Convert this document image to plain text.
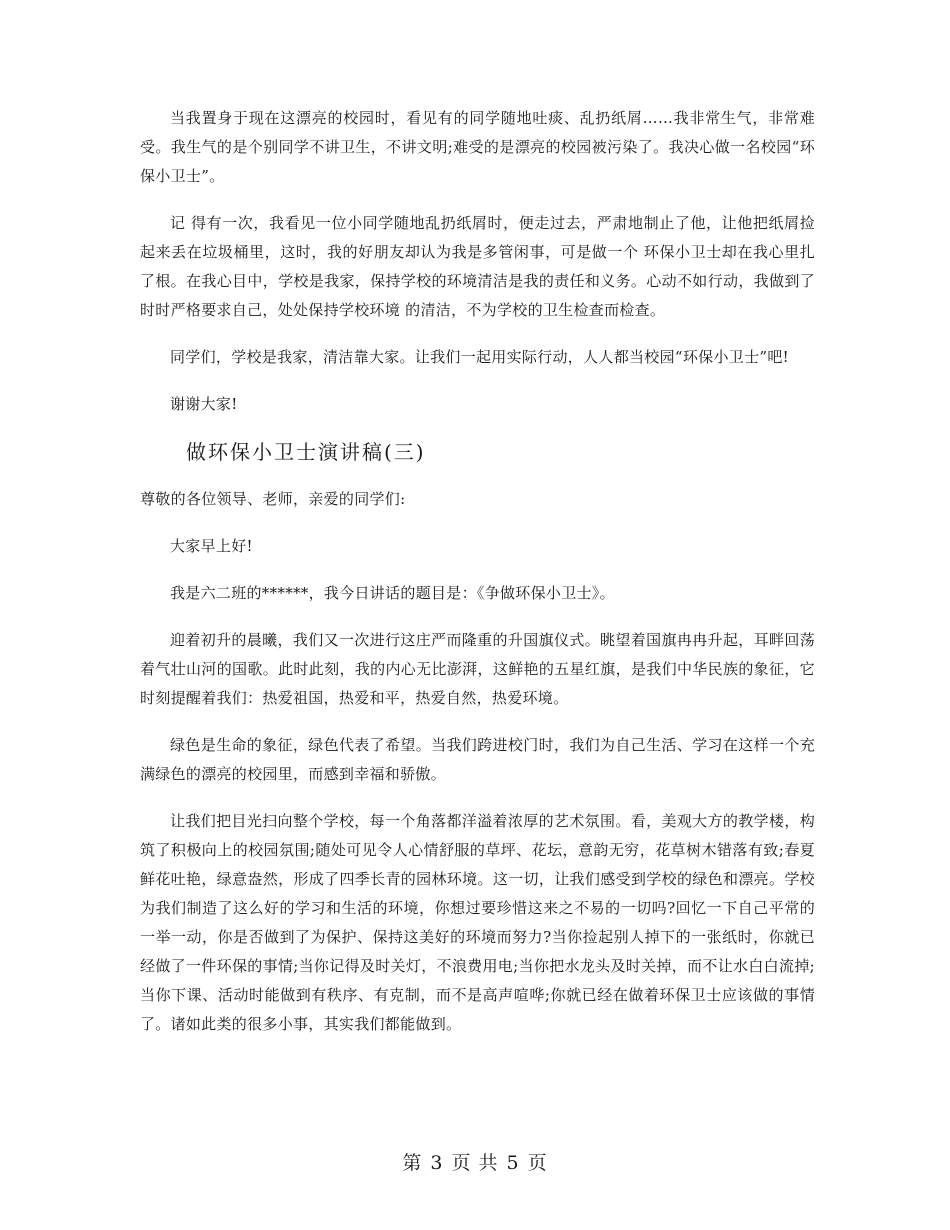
当我置身于现在这漂亮的校园时，看见有的同学随地吐痰、乱扔纸屑……我非常生气，非常难受。我生气的是个别同学不讲卫生，不讲文明;难受的是漂亮的校园被污染了。我决心做一名校园“环保小卫士”。

记 得有一次，我看见一位小同学随地乱扔纸屑时，便走过去，严肃地制止了他，让他把纸屑捡起来丢在垃圾桶里，这时，我的好朋友却认为我是多管闲事，可是做一个 环保小卫士却在我心里扎了根。在我心目中，学校是我家，保持学校的环境清洁是我的责任和义务。心动不如行动，我做到了时时严格要求自己，处处保持学校环境 的清洁，不为学校的卫生检查而检查。

同学们，学校是我家，清洁靠大家。让我们一起用实际行动，人人都当校园“环保小卫士”吧!

谢谢大家!

做环保小卫士演讲稿(三)

尊敬的各位领导、老师，亲爱的同学们:

大家早上好!

我是六二班的******，我今日讲话的题目是：《争做环保小卫士》。

迎着初升的晨曦，我们又一次进行这庄严而隆重的升国旗仪式。眺望着国旗冉冉升起，耳畔回荡着气壮山河的国歌。此时此刻，我的内心无比澎湃，这鲜艳的五星红旗，是我们中华民族的象征，它时刻提醒着我们：热爱祖国，热爱和平，热爱自然，热爱环境。

绿色是生命的象征，绿色代表了希望。当我们跨进校门时，我们为自己生活、学习在这样一个充满绿色的漂亮的校园里，而感到幸福和骄傲。

让我们把目光扫向整个学校，每一个角落都洋溢着浓厚的艺术氛围。看，美观大方的教学楼，构筑了积极向上的校园氛围;随处可见令人心情舒服的草坪、花坛，意韵无穷，花草树木错落有致;春夏鲜花吐艳，绿意盎然，形成了四季长青的园林环境。这一切，让我们感受到学校的绿色和漂亮。学校为我们制造了这么好的学习和生活的环境，你想过要珍惜这来之不易的一切吗?回忆一下自己平常的一举一动，你是否做到了为保护、保持这美好的环境而努力?当你捡起别人掉下的一张纸时，你就已经做了一件环保的事情;当你记得及时关灯，不浪费用电;当你把水龙头及时关掉，而不让水白白流掉;当你下课、活动时能做到有秩序、有克制，而不是高声喧哗;你就已经在做着环保卫士应该做的事情了。诸如此类的很多小事，其实我们都能做到。

第 3 页 共 5 页
